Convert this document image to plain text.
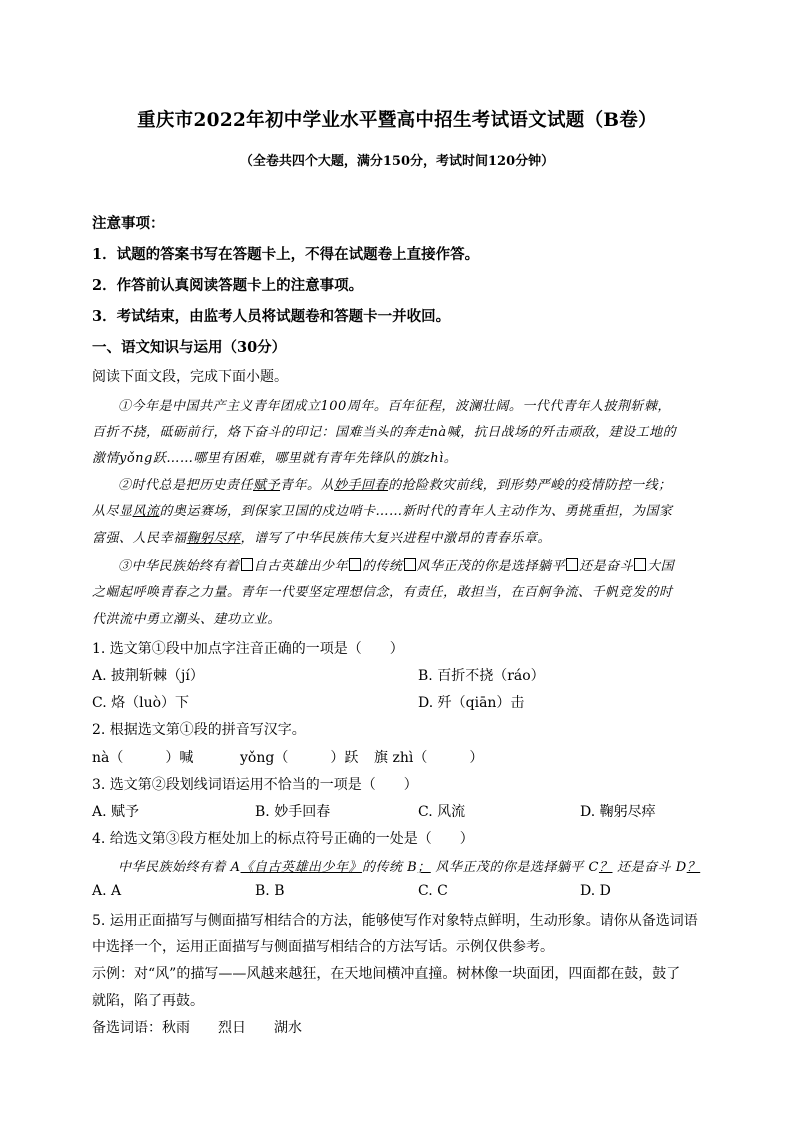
重庆市2022年初中学业水平暨高中招生考试语文试题（B卷）
（全卷共四个大题，满分150分，考试时间120分钟）
注意事项：
1．试题的答案书写在答题卡上，不得在试题卷上直接作答。
2．作答前认真阅读答题卡上的注意事项。
3．考试结束，由监考人员将试题卷和答题卡一并收回。
一、语文知识与运用（30分）
阅读下面文段，完成下面小题。
①今年是中国共产主义青年团成立100周年。百年征程，波澜壮阔。一代代青年人披荆斩棘，
百折不挠，砥砺前行，烙下奋斗的印记：国难当头的奔走nà喊，抗日战场的歼击顽敌，建设工地的
激情yǒng跃……哪里有困难，哪里就有青年先锋队的旗zhì。
②时代总是把历史责任赋予青年。从妙手回春的抢险救灾前线，到形势严峻的疫情防控一线；
从尽显风流的奥运赛场，到保家卫国的戍边哨卡……新时代的青年人主动作为、勇挑重担，为国家
富强、人民幸福鞠躬尽瘁，谱写了中华民族伟大复兴进程中激昂的青春乐章。
③中华民族始终有着 自古英雄出少年 的传统 风华正茂的你是选择躺平 还是奋斗 大国
之崛起呼唤青春之力量。青年一代要坚定理想信念，有责任，敢担当，在百舸争流、千帆竞发的时
代洪流中勇立潮头、建功立业。
1. 选文第①段中加点字注音正确的一项是（　　）
A. 披荆斩棘（jí）	B. 百折不挠（ráo）
C. 烙（luò）下	D. 歼（qiān）击
2. 根据选文第①段的拼音写汉字。
nà（　　　）喊	yǒng（　　　）跃 旗 zhì（　　　）
3. 选文第②段划线词语运用不恰当的一项是（　　）
A. 赋予	B. 妙手回春	C. 风流	D. 鞠躬尽瘁
4. 给选文第③段方框处加上的标点符号正确的一处是（　　）
中华民族始终有着 A《自古英雄出少年》的传统 B； 风华正茂的你是选择躺平 C？ 还是奋斗 D？
A. A	B. B	C. C	D. D
5. 运用正面描写与侧面描写相结合的方法，能够使写作对象特点鲜明，生动形象。请你从备选词语
中选择一个，运用正面描写与侧面描写相结合的方法写话。示例仅供参考。
示例：对“风”的描写——风越来越狂，在天地间横冲直撞。树林像一块面团，四面都在鼓，鼓了
就陷，陷了再鼓。
备选词语：秋雨　　烈日　　湖水
